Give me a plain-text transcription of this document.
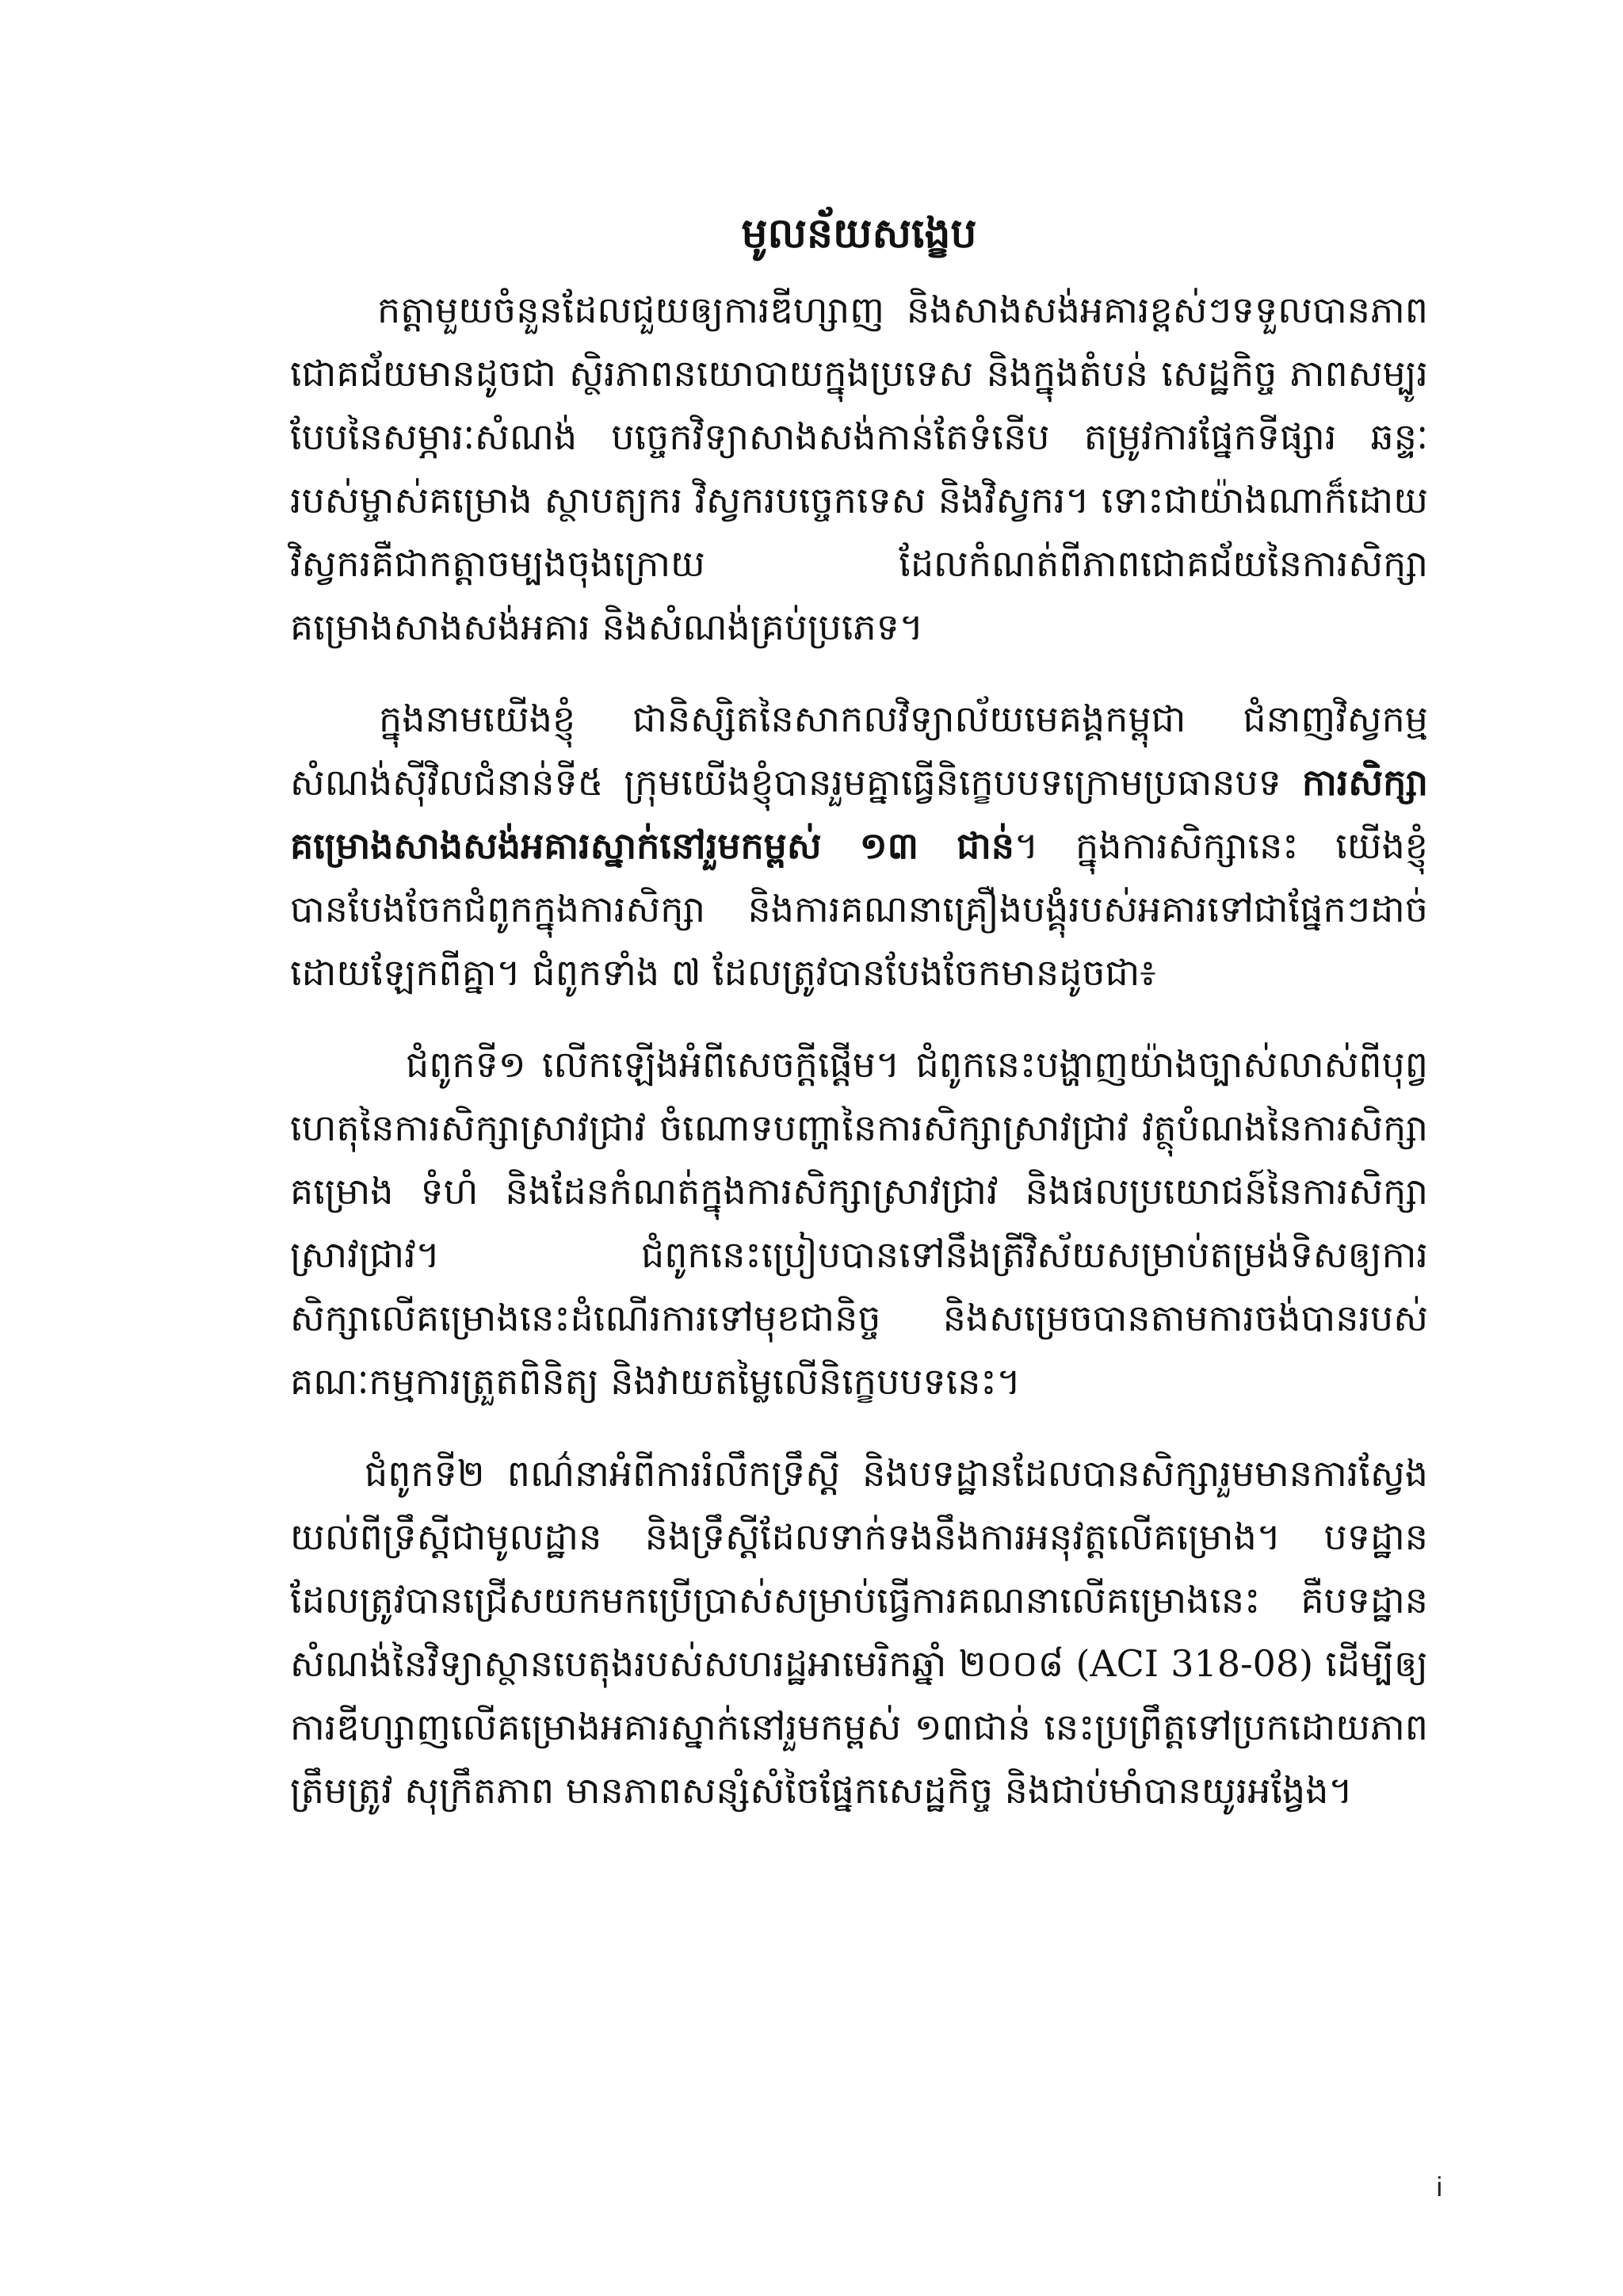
មូលន័យសង្ខេប

កត្តាមួយចំនួនដែលជួយឲ្យការឌីហ្សាញ និងសាងសង់អគារខ្ពស់ៗទទួលបានភាពជោគជ័យមានដូចជា ស្ថិរភាពនយោបាយក្នុងប្រទេស និងក្នុងតំបន់ សេដ្ឋកិច្ច ភាពសម្បូរបែបនៃសម្ភារៈសំណង់ បច្ចេកវិទ្យាសាងសង់កាន់តែទំនើប តម្រូវការផ្នែកទីផ្សារ ឆន្ទៈរបស់ម្ចាស់គម្រោង ស្ថាបត្យករ វិស្វករបច្ចេកទេស និងវិស្វករ។ ទោះជាយ៉ាងណាក៏ដោយ វិស្វករគឺជាកត្តាចម្បងចុងក្រោយ ដែលកំណត់ពីភាពជោគជ័យនៃការសិក្សាគម្រោងសាងសង់អគារ និងសំណង់គ្រប់ប្រភេទ។

ក្នុងនាមយើងខ្ញុំ ជានិស្សិតនៃសាកលវិទ្យាល័យមេគង្គកម្ពុជា ជំនាញវិស្វកម្មសំណង់ស៊ីវិលជំនាន់ទី៥ ក្រុមយើងខ្ញុំបានរួមគ្នាធ្វើនិក្ខេបបទក្រោមប្រធានបទ ការសិក្សាគម្រោងសាងសង់អគារស្នាក់នៅរួមកម្ពស់ ១៣ ជាន់។ ក្នុងការសិក្សានេះ យើងខ្ញុំបានបែងចែកជំពូកក្នុងការសិក្សា និងការគណនាគ្រឿងបង្គុំរបស់អគារទៅជាផ្នែកៗដាច់ដោយឡែកពីគ្នា។ ជំពូកទាំង ៧ ដែលត្រូវបានបែងចែកមានដូចជា៖

ជំពូកទី១ លើកឡើងអំពីសេចក្តីផ្តើម។ ជំពូកនេះបង្ហាញយ៉ាងច្បាស់លាស់ពីបុព្វហេតុនៃការសិក្សាស្រាវជ្រាវ ចំណោទបញ្ហានៃការសិក្សាស្រាវជ្រាវ វត្ថុបំណងនៃការសិក្សាគម្រោង ទំហំ និងដែនកំណត់ក្នុងការសិក្សាស្រាវជ្រាវ និងផលប្រយោជន៍នៃការសិក្សាស្រាវជ្រាវ។ ជំពូកនេះប្រៀបបានទៅនឹងត្រីវិស័យសម្រាប់តម្រង់ទិសឲ្យការសិក្សាលើគម្រោងនេះដំណើរការទៅមុខជានិច្ច និងសម្រេចបានតាមការចង់បានរបស់គណៈកម្មការត្រួតពិនិត្យ និងវាយតម្លៃលើនិក្ខេបបទនេះ។

ជំពូកទី២ ពណ៌នាអំពីការរំលឹកទ្រឹស្តី និងបទដ្ឋានដែលបានសិក្សារួមមានការស្វែងយល់ពីទ្រឹស្តីជាមូលដ្ឋាន និងទ្រឹស្តីដែលទាក់ទងនឹងការអនុវត្តលើគម្រោង។ បទដ្ឋាន ដែលត្រូវបានជ្រើសយកមកប្រើប្រាស់សម្រាប់ធ្វើការគណនាលើគម្រោងនេះ គឺបទដ្ឋានសំណង់នៃវិទ្យាស្ថានបេតុងរបស់សហរដ្ឋអាមេរិកឆ្នាំ ២០០៨ (ACI 318-08) ដើម្បីឲ្យការឌីហ្សាញលើគម្រោងអគារស្នាក់នៅរួមកម្ពស់ ១៣ជាន់ នេះប្រព្រឹត្តទៅប្រកដោយភាពត្រឹមត្រូវ សុក្រឹតភាព មានភាពសន្សំសំចៃផ្នែកសេដ្ឋកិច្ច និងជាប់មាំបានយូរអង្វែង។

i
